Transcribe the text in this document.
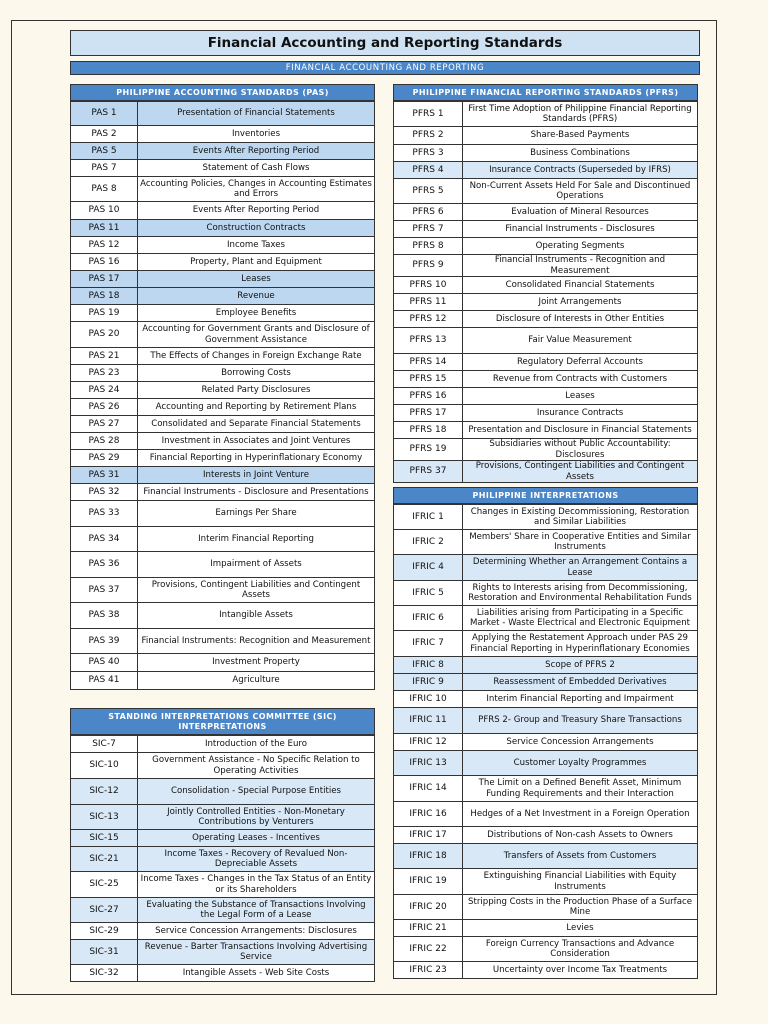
Financial Accounting and Reporting Standards
FINANCIAL ACCOUNTING AND REPORTING
PHILIPPINE ACCOUNTING STANDARDS (PAS)
PAS 1	Presentation of Financial Statements
PAS 2	Inventories
PAS 5	Events After Reporting Period
PAS 7	Statement of Cash Flows
PAS 8	Accounting Policies, Changes in Accounting Estimates and Errors
PAS 10	Events After Reporting Period
PAS 11	Construction Contracts
PAS 12	Income Taxes
PAS 16	Property, Plant and Equipment
PAS 17	Leases
PAS 18	Revenue
PAS 19	Employee Benefits
PAS 20	Accounting for Government Grants and Disclosure of Government Assistance
PAS 21	The Effects of Changes in Foreign Exchange Rate
PAS 23	Borrowing Costs
PAS 24	Related Party Disclosures
PAS 26	Accounting and Reporting by Retirement Plans
PAS 27	Consolidated and Separate Financial Statements
PAS 28	Investment in Associates and Joint Ventures
PAS 29	Financial Reporting in Hyperinflationary Economy
PAS 31	Interests in Joint Venture
PAS 32	Financial Instruments - Disclosure and Presentations
PAS 33	Earnings Per Share
PAS 34	Interim Financial Reporting
PAS 36	Impairment of Assets
PAS 37	Provisions, Contingent Liabilities and Contingent Assets
PAS 38	Intangible Assets
PAS 39	Financial Instruments: Recognition and Measurement
PAS 40	Investment Property
PAS 41	Agriculture
STANDING INTERPRETATIONS COMMITTEE (SIC) INTERPRETATIONS
SIC-7	Introduction of the Euro
SIC-10	Government Assistance - No Specific Relation to Operating Activities
SIC-12	Consolidation - Special Purpose Entities
SIC-13	Jointly Controlled Entities - Non-Monetary Contributions by Venturers
SIC-15	Operating Leases - Incentives
SIC-21	Income Taxes - Recovery of Revalued Non-Depreciable Assets
SIC-25	Income Taxes - Changes in the Tax Status of an Entity or its Shareholders
SIC-27	Evaluating the Substance of Transactions Involving the Legal Form of a Lease
SIC-29	Service Concession Arrangements: Disclosures
SIC-31	Revenue - Barter Transactions Involving Advertising Service
SIC-32	Intangible Assets - Web Site Costs
PHILIPPINE FINANCIAL REPORTING STANDARDS (PFRS)
PFRS 1	First Time Adoption of Philippine Financial Reporting Standards (PFRS)
PFRS 2	Share-Based Payments
PFRS 3	Business Combinations
PFRS 4	Insurance Contracts (Superseded by IFRS)
PFRS 5	Non-Current Assets Held For Sale and Discontinued Operations
PFRS 6	Evaluation of Mineral Resources
PFRS 7	Financial Instruments - Disclosures
PFRS 8	Operating Segments
PFRS 9	Financial Instruments - Recognition and Measurement
PFRS 10	Consolidated Financial Statements
PFRS 11	Joint Arrangements
PFRS 12	Disclosure of Interests in Other Entities
PFRS 13	Fair Value Measurement
PFRS 14	Regulatory Deferral Accounts
PFRS 15	Revenue from Contracts with Customers
PFRS 16	Leases
PFRS 17	Insurance Contracts
PFRS 18	Presentation and Disclosure in Financial Statements
PFRS 19	Subsidiaries without Public Accountability: Disclosures
PFRS 37	Provisions, Contingent Liabilities and Contingent Assets
PHILIPPINE INTERPRETATIONS
IFRIC 1	Changes in Existing Decommissioning, Restoration and Similar Liabilities
IFRIC 2	Members' Share in Cooperative Entities and Similar Instruments
IFRIC 4	Determining Whether an Arrangement Contains a Lease
IFRIC 5	Rights to Interests arising from Decommissioning, Restoration and Environmental Rehabilitation Funds
IFRIC 6	Liabilities arising from Participating in a Specific Market - Waste Electrical and Electronic Equipment
IFRIC 7	Applying the Restatement Approach under PAS 29 Financial Reporting in Hyperinflationary Economies
IFRIC 8	Scope of PFRS 2
IFRIC 9	Reassessment of Embedded Derivatives
IFRIC 10	Interim Financial Reporting and Impairment
IFRIC 11	PFRS 2- Group and Treasury Share Transactions
IFRIC 12	Service Concession Arrangements
IFRIC 13	Customer Loyalty Programmes
IFRIC 14	The Limit on a Defined Benefit Asset, Minimum Funding Requirements and their Interaction
IFRIC 16	Hedges of a Net Investment in a Foreign Operation
IFRIC 17	Distributions of Non-cash Assets to Owners
IFRIC 18	Transfers of Assets from Customers
IFRIC 19	Extinguishing Financial Liabilities with Equity Instruments
IFRIC 20	Stripping Costs in the Production Phase of a Surface Mine
IFRIC 21	Levies
IFRIC 22	Foreign Currency Transactions and Advance Consideration
IFRIC 23	Uncertainty over Income Tax Treatments
